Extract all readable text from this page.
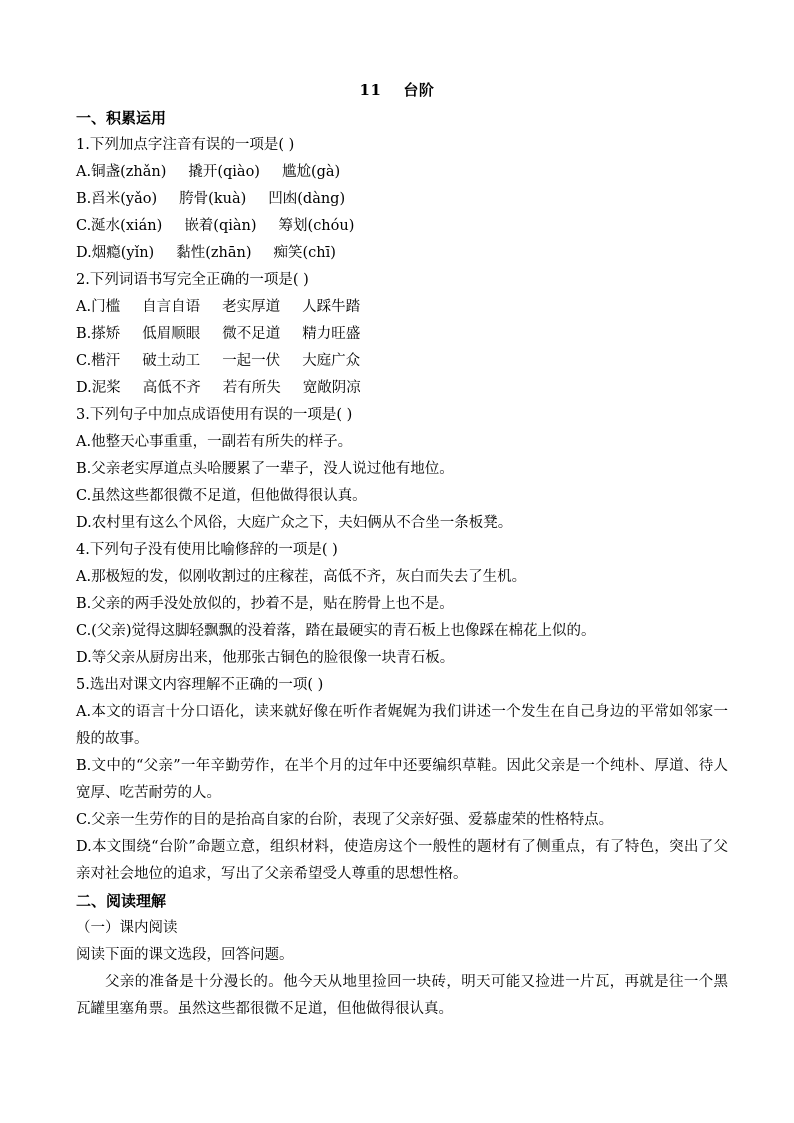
11 台阶
一、积累运用
1.下列加点字注音有误的一项是( )
A.铜盏(zhǎn) 撬开(qiào) 尴尬(gà)
B.舀米(yǎo) 胯骨(kuà) 凹凼(dàng)
C.涎水(xián) 嵌着(qiàn) 筹划(chóu)
D.烟瘾(yǐn) 黏性(zhān) 痴笑(chī)
2.下列词语书写完全正确的一项是( )
A.门槛 自言自语 老实厚道 人踩牛踏
B.搽矫 低眉顺眼 微不足道 精力旺盛
C.楷汗 破土动工 一起一伏 大庭广众
D.泥桨 高低不齐 若有所失 宽敞阴凉
3.下列句子中加点成语使用有误的一项是( )
A.他整天心事重重，一副若有所失的样子。
B.父亲老实厚道点头哈腰累了一辈子，没人说过他有地位。
C.虽然这些都很微不足道，但他做得很认真。
D.农村里有这么个风俗，大庭广众之下，夫妇俩从不合坐一条板凳。
4.下列句子没有使用比喻修辞的一项是( )
A.那极短的发，似刚收割过的庄稼茬，高低不齐，灰白而失去了生机。
B.父亲的两手没处放似的，抄着不是，贴在胯骨上也不是。
C.(父亲)觉得这脚轻飘飘的没着落，踏在最硬实的青石板上也像踩在棉花上似的。
D.等父亲从厨房出来，他那张古铜色的脸很像一块青石板。
5.选出对课文内容理解不正确的一项( )
A.本文的语言十分口语化，读来就好像在听作者娓娓为我们讲述一个发生在自己身边的平常如邻家一般的故事。
B.文中的“父亲”一年辛勤劳作，在半个月的过年中还要编织草鞋。因此父亲是一个纯朴、厚道、待人宽厚、吃苦耐劳的人。
C.父亲一生劳作的目的是抬高自家的台阶，表现了父亲好强、爱慕虚荣的性格特点。
D.本文围绕“台阶”命题立意，组织材料，使造房这个一般性的题材有了侧重点，有了特色，突出了父亲对社会地位的追求，写出了父亲希望受人尊重的思想性格。
二、阅读理解
（一）课内阅读
阅读下面的课文选段，回答问题。
父亲的准备是十分漫长的。他今天从地里捡回一块砖，明天可能又捡进一片瓦，再就是往一个黑瓦罐里塞角票。虽然这些都很微不足道，但他做得很认真。
